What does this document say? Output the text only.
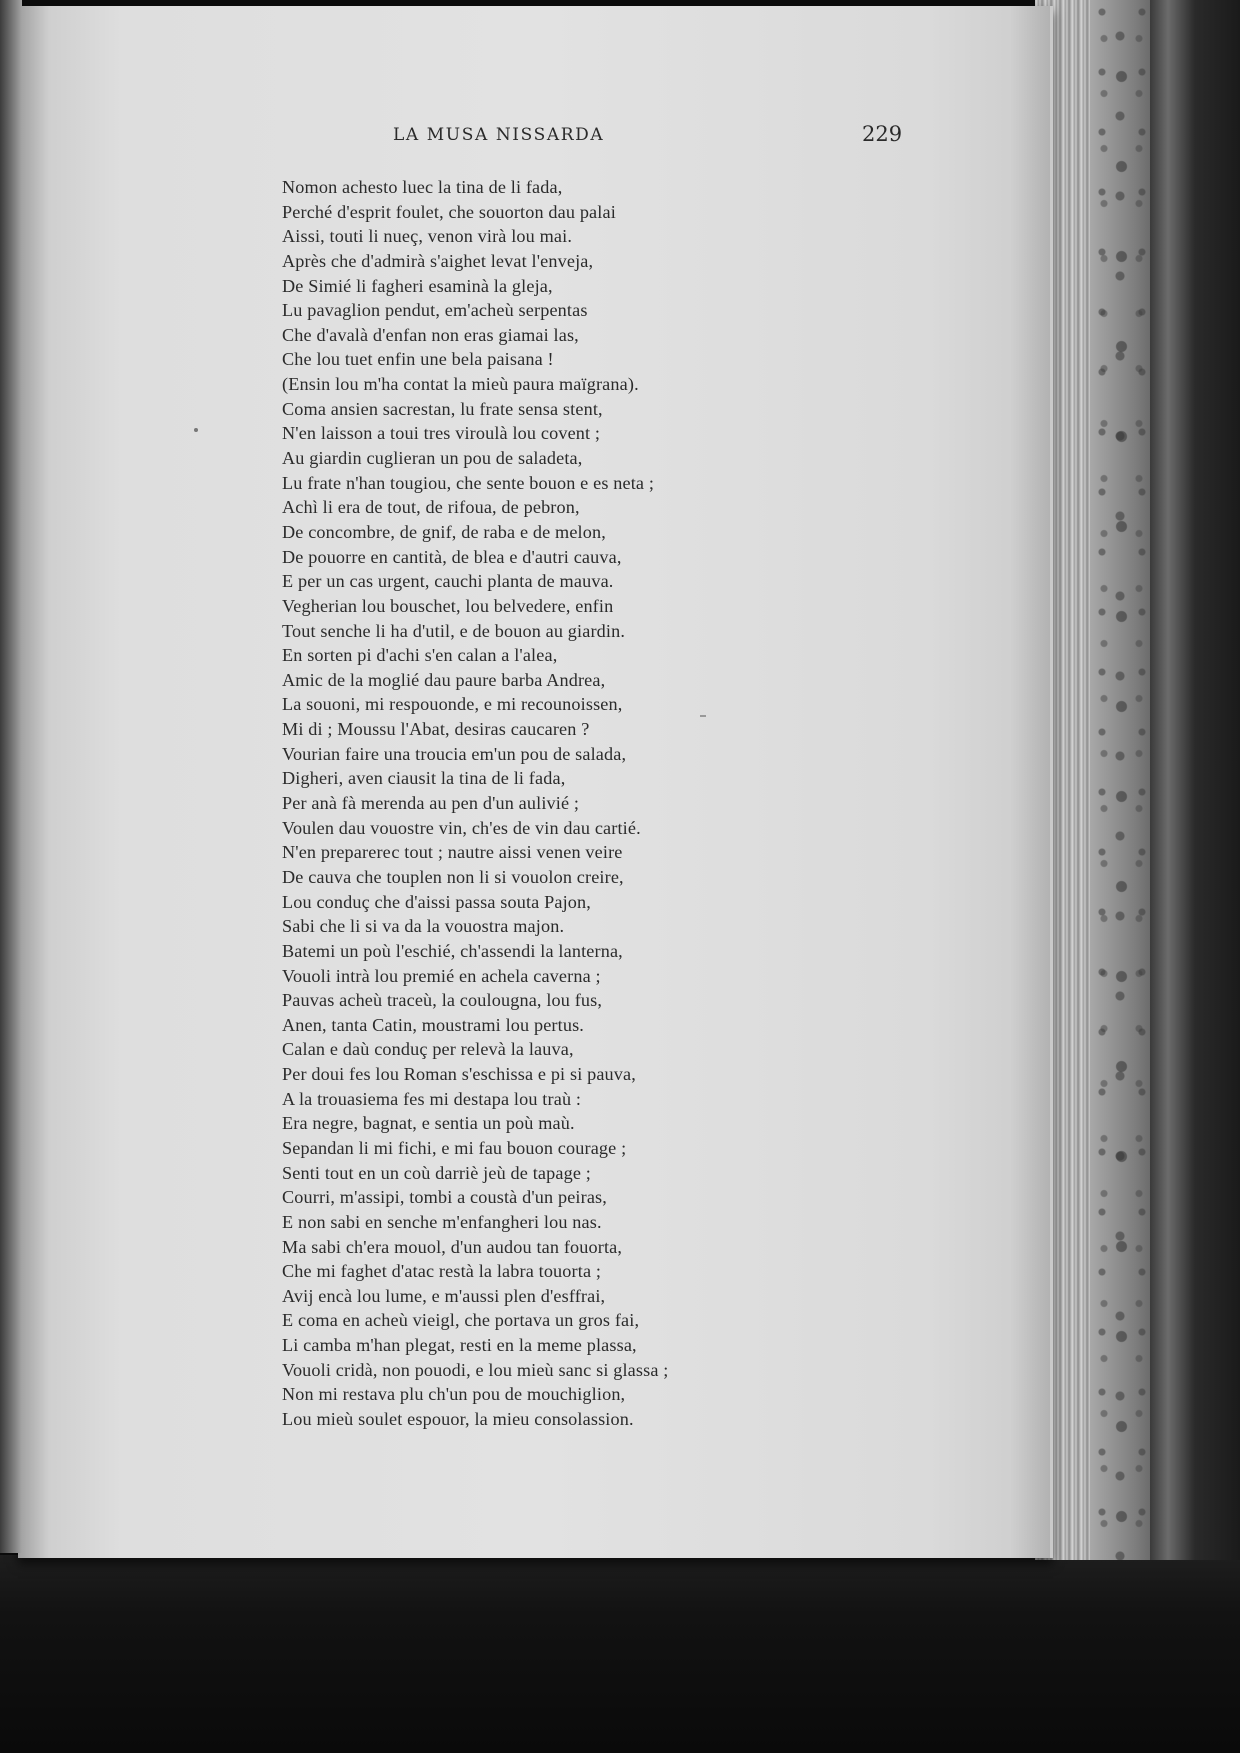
LA MUSA NISSARDA	229
Nomon achesto luec la tina de li fada,
Perché d'esprit foulet, che souorton dau palai
Aissi, touti li nueç, venon virà lou mai.
Après che d'admirà s'aighet levat l'enveja,
De Simié li fagheri esaminà la gleja,
Lu pavaglion pendut, em'acheù serpentas
Che d'avalà d'enfan non eras giamai las,
Che lou tuet enfin une bela paisana !
(Ensin lou m'ha contat la mieù paura maïgrana).
Coma ansien sacrestan, lu frate sensa stent,
N'en laisson a toui tres viroulà lou covent ;
Au giardin cuglieran un pou de saladeta,
Lu frate n'han tougiou, che sente bouon e es neta ;
Achì li era de tout, de rifoua, de pebron,
De concombre, de gnif, de raba e de melon,
De pouorre en cantità, de blea e d'autri cauva,
E per un cas urgent, cauchi planta de mauva.
Vegherian lou bouschet, lou belvedere, enfin
Tout senche li ha d'util, e de bouon au giardin.
En sorten pi d'achi s'en calan a l'alea,
Amic de la moglié dau paure barba Andrea,
La souoni, mi respouonde, e mi recounoissen,
Mi di ; Moussu l'Abat, desiras caucaren ?
Vourian faire una troucia em'un pou de salada,
Digheri, aven ciausit la tina de li fada,
Per anà fà merenda au pen d'un aulivié ;
Voulen dau vouostre vin, ch'es de vin dau cartié.
N'en preparerес tout ; nautre aissi venen veire
De cauva che touplen non li si vouolon creire,
Lou conduç che d'aissi passa souta Pajon,
Sabi che li si va da la vouostra majon.
Batemi un poù l'eschié, ch'assendi la lanterna,
Vouoli intrà lou premié en achela caverna ;
Pauvas acheù traceù, la coulougna, lou fus,
Anen, tanta Catin, moustrami lou pertus.
Calan e daù conduç per relevà la lauva,
Per doui fes lou Roman s'eschissa e pi si pauva,
A la trouasiema fes mi destapa lou traù :
Era negre, bagnat, e sentia un poù maù.
Sepandan li mi fichi, e mi fau bouon courage ;
Senti tout en un coù darriè jeù de tapage ;
Courri, m'assipi, tombi a coustà d'un peiras,
E non sabi en senche m'enfangheri lou nas.
Ma sabi ch'era mouol, d'un audou tan fouorta,
Che mi faghet d'atac restà la labra touorta ;
Avij encà lou lume, e m'aussi plen d'esffrai,
E coma en acheù vieigl, che portava un gros fai,
Li camba m'han plegat, resti en la meme plassa,
Vouoli cridà, non pouodi, e lou mieù sanc si glassa ;
Non mi restava plu ch'un pou de mouchiglion,
Lou mieù soulet espouor, la mieu consolassion.
